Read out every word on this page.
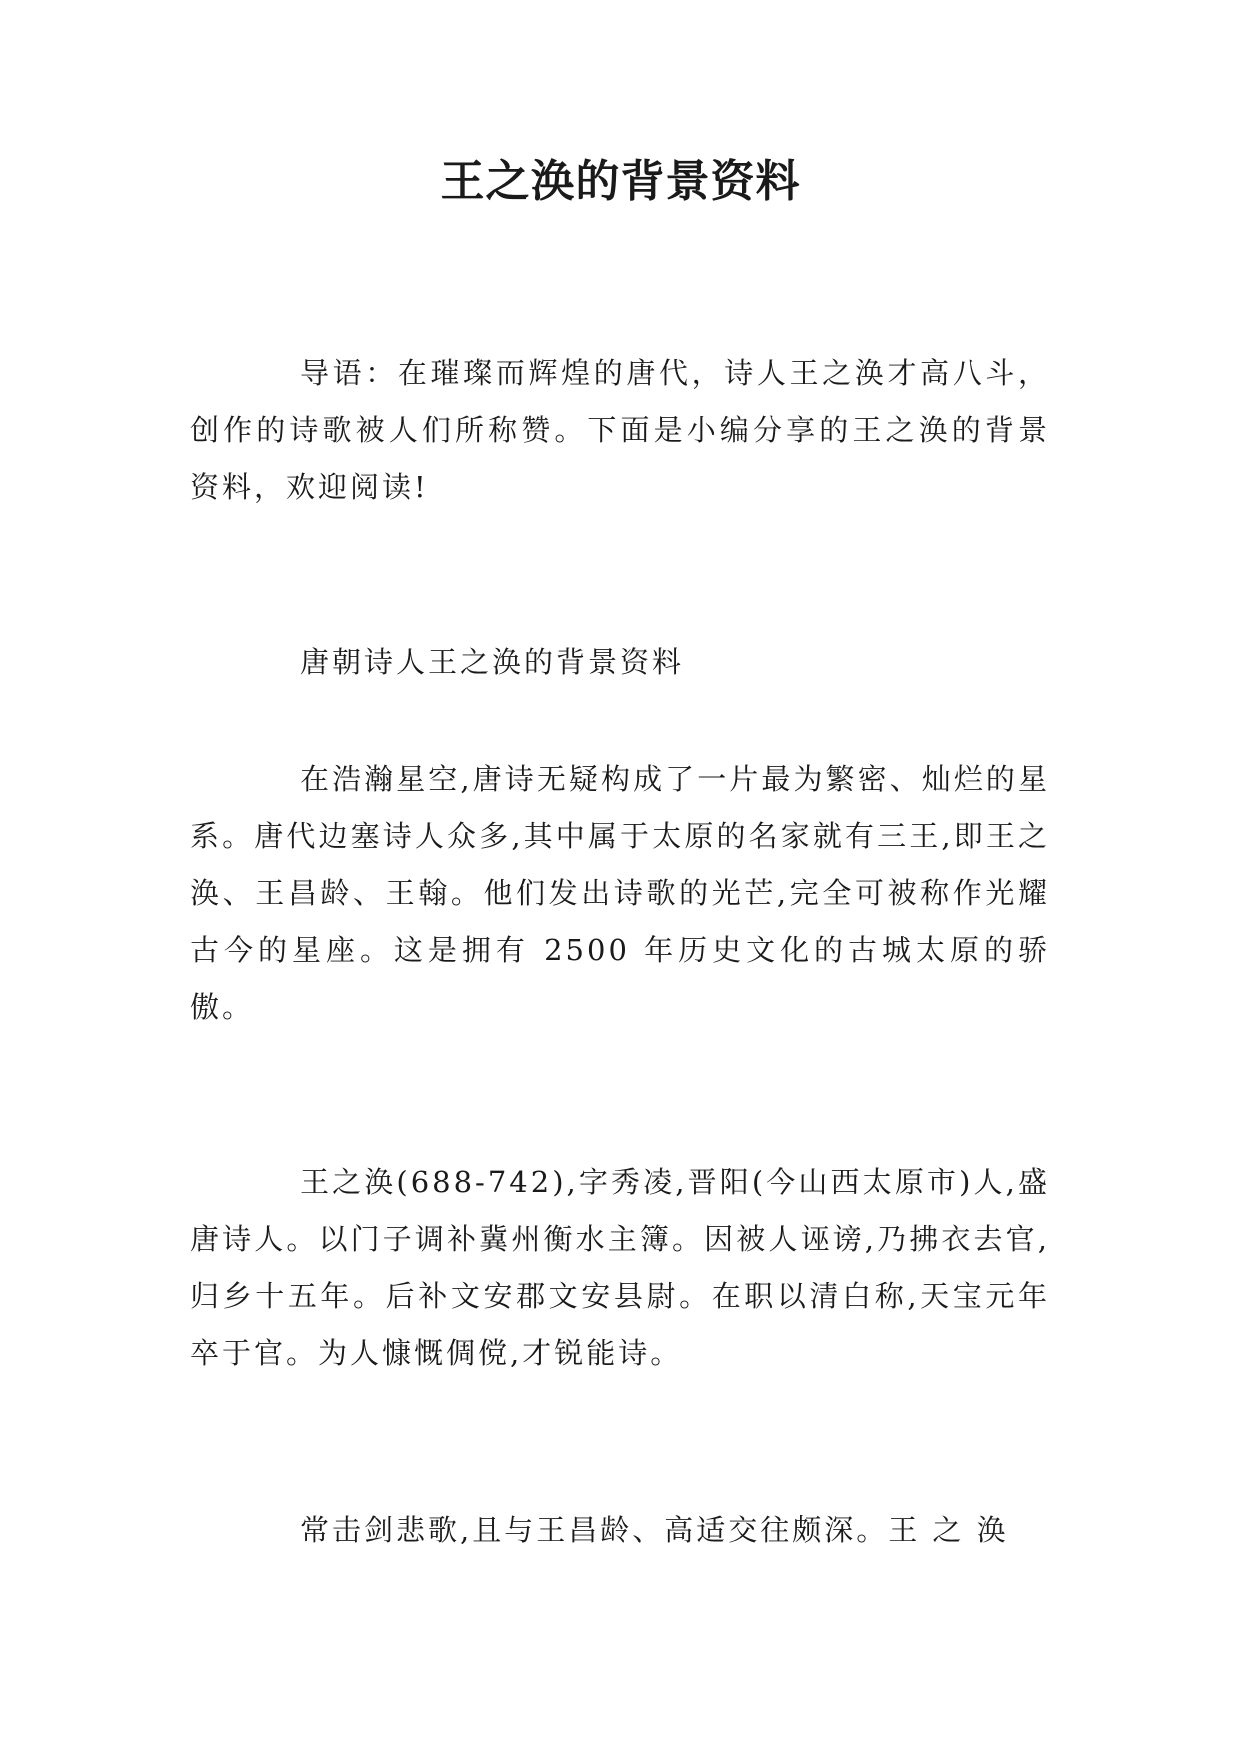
王之涣的背景资料

导语：在璀璨而辉煌的唐代，诗人王之涣才高八斗，创作的诗歌被人们所称赞。下面是小编分享的王之涣的背景资料，欢迎阅读!

唐朝诗人王之涣的背景资料

在浩瀚星空,唐诗无疑构成了一片最为繁密、灿烂的星系。唐代边塞诗人众多,其中属于太原的名家就有三王,即王之涣、王昌龄、王翰。他们发出诗歌的光芒,完全可被称作光耀古今的星座。这是拥有 2500 年历史文化的古城太原的骄傲。

王之涣(688-742),字秀凌,晋阳(今山西太原市)人,盛唐诗人。以门子调补冀州衡水主簿。因被人诬谤,乃拂衣去官,归乡十五年。后补文安郡文安县尉。在职以清白称,天宝元年卒于官。为人慷慨倜傥,才锐能诗。

常击剑悲歌,且与王昌龄、高适交往颇深。王 之 涣
